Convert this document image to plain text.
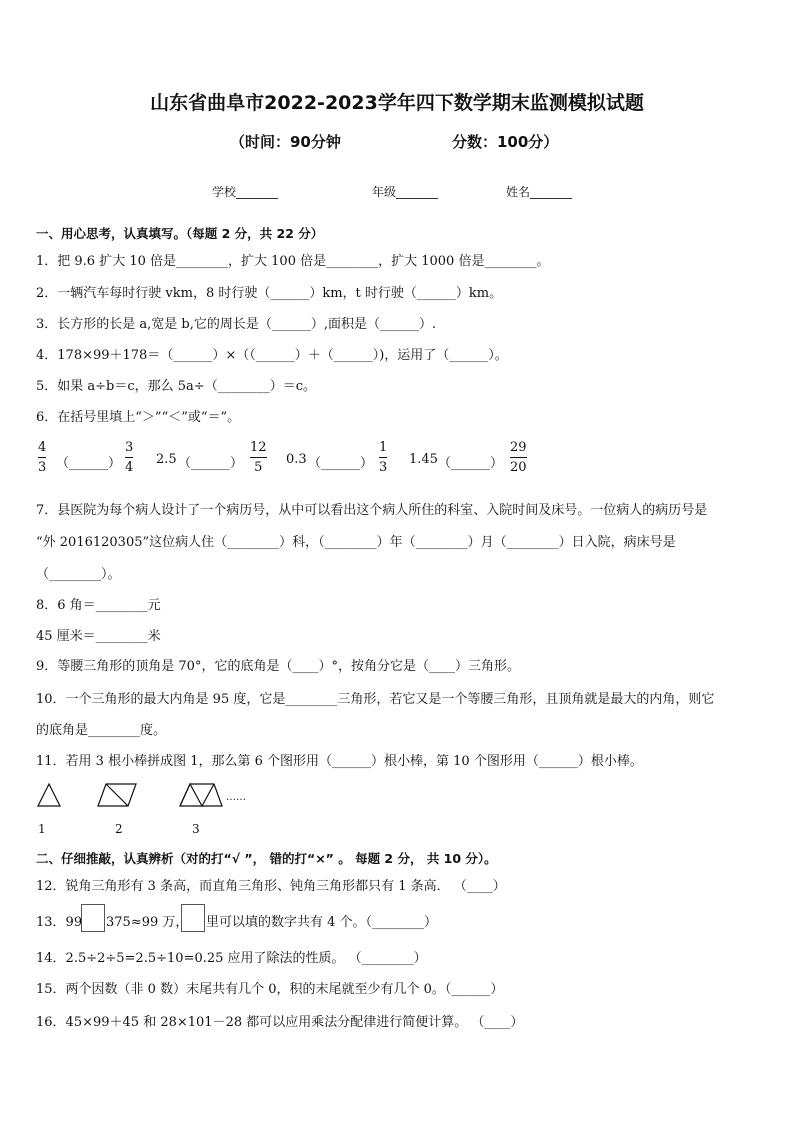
山东省曲阜市2022-2023学年四下数学期末监测模拟试题
（时间：90分钟	分数：100分）
学校_______	年级_______	姓名_______
一、用心思考，认真填写。（每题 2 分，共 22 分）
1．把 9.6 扩大 10 倍是________，扩大 100 倍是________，扩大 1000 倍是________。
2．一辆汽车每时行驶 vkm，8 时行驶（______）km，t 时行驶（______）km。
3．长方形的长是 a,宽是 b,它的周长是（______）,面积是（______）.
4．178×99＋178＝（______）×（（______）＋（______）)，运用了（______）。
5．如果 a÷b＝c，那么 5a÷（________）＝c。
6．在括号里填上“＞”“＜”或“＝”。
4
3 （______）
3
4
2.5 （______）
12
5
0.3 （______）
1
3
1.45 （______）
29
20
7．县医院为每个病人设计了一个病历号，从中可以看出这个病人所住的科室、入院时间及床号。一位病人的病历号是
“外 2016120305”这位病人住（________）科，（________）年（________）月（________）日入院，病床号是
（________）。
8．6 角＝________元
45 厘米＝________米
9．等腰三角形的顶角是 70°，它的底角是（____）°，按角分它是（____）三角形。
10．一个三角形的最大内角是 95 度，它是________三角形，若它又是一个等腰三角形，且顶角就是最大的内角，则它
的底角是________度。
11．若用 3 根小棒拼成图 1，那么第 6 个图形用（______）根小棒，第 10 个图形用（______）根小棒。
……
1	2	3
二、仔细推敲，认真辨析（对的打“√ ”， 错的打“×” 。 每题 2 分， 共 10 分）。
12．锐角三角形有 3 条高，而直角三角形、钝角三角形都只有 1 条高． （____）
13．99 375≈99 万， 里可以填的数字共有 4 个。（________）
14．2.5÷2÷5=2.5÷10=0.25 应用了除法的性质。 （________）
15．两个因数（非 0 数）末尾共有几个 0，积的末尾就至少有几个 0。（______）
16．45×99＋45 和 28×101－28 都可以应用乘法分配律进行简便计算。 （____）
